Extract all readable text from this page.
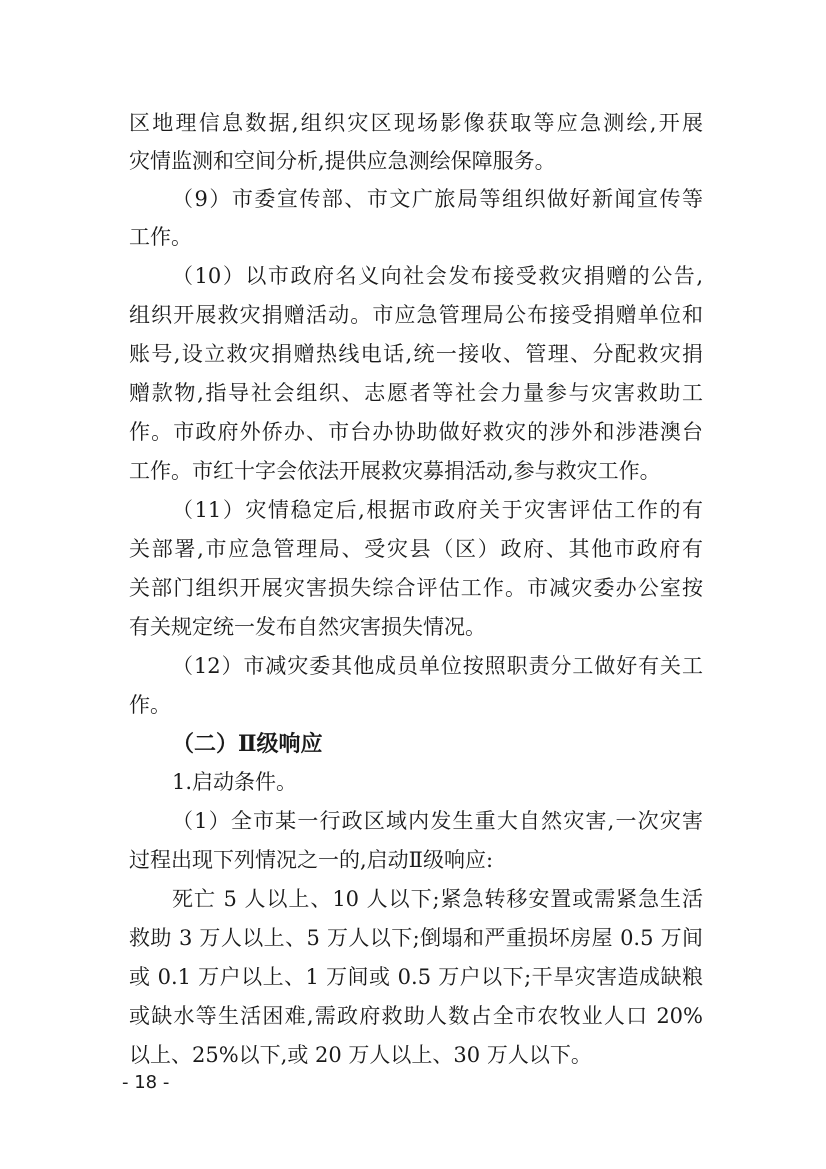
区地理信息数据,组织灾区现场影像获取等应急测绘,开展
灾情监测和空间分析,提供应急测绘保障服务。
（9）市委宣传部、市文广旅局等组织做好新闻宣传等
工作。
（10）以市政府名义向社会发布接受救灾捐赠的公告,
组织开展救灾捐赠活动。市应急管理局公布接受捐赠单位和
账号,设立救灾捐赠热线电话,统一接收、管理、分配救灾捐
赠款物,指导社会组织、志愿者等社会力量参与灾害救助工
作。市政府外侨办、市台办协助做好救灾的涉外和涉港澳台
工作。市红十字会依法开展救灾募捐活动,参与救灾工作。
（11）灾情稳定后,根据市政府关于灾害评估工作的有
关部署,市应急管理局、受灾县（区）政府、其他市政府有
关部门组织开展灾害损失综合评估工作。市减灾委办公室按
有关规定统一发布自然灾害损失情况。
（12）市减灾委其他成员单位按照职责分工做好有关工
作。
（二）Ⅱ级响应
1.启动条件。
（1）全市某一行政区域内发生重大自然灾害,一次灾害
过程出现下列情况之一的,启动Ⅱ级响应:
死亡 5 人以上、10 人以下;紧急转移安置或需紧急生活
救助 3 万人以上、5 万人以下;倒塌和严重损坏房屋 0.5 万间
或 0.1 万户以上、1 万间或 0.5 万户以下;干旱灾害造成缺粮
或缺水等生活困难,需政府救助人数占全市农牧业人口 20%
以上、25%以下,或 20 万人以上、30 万人以下。
- 18 -
